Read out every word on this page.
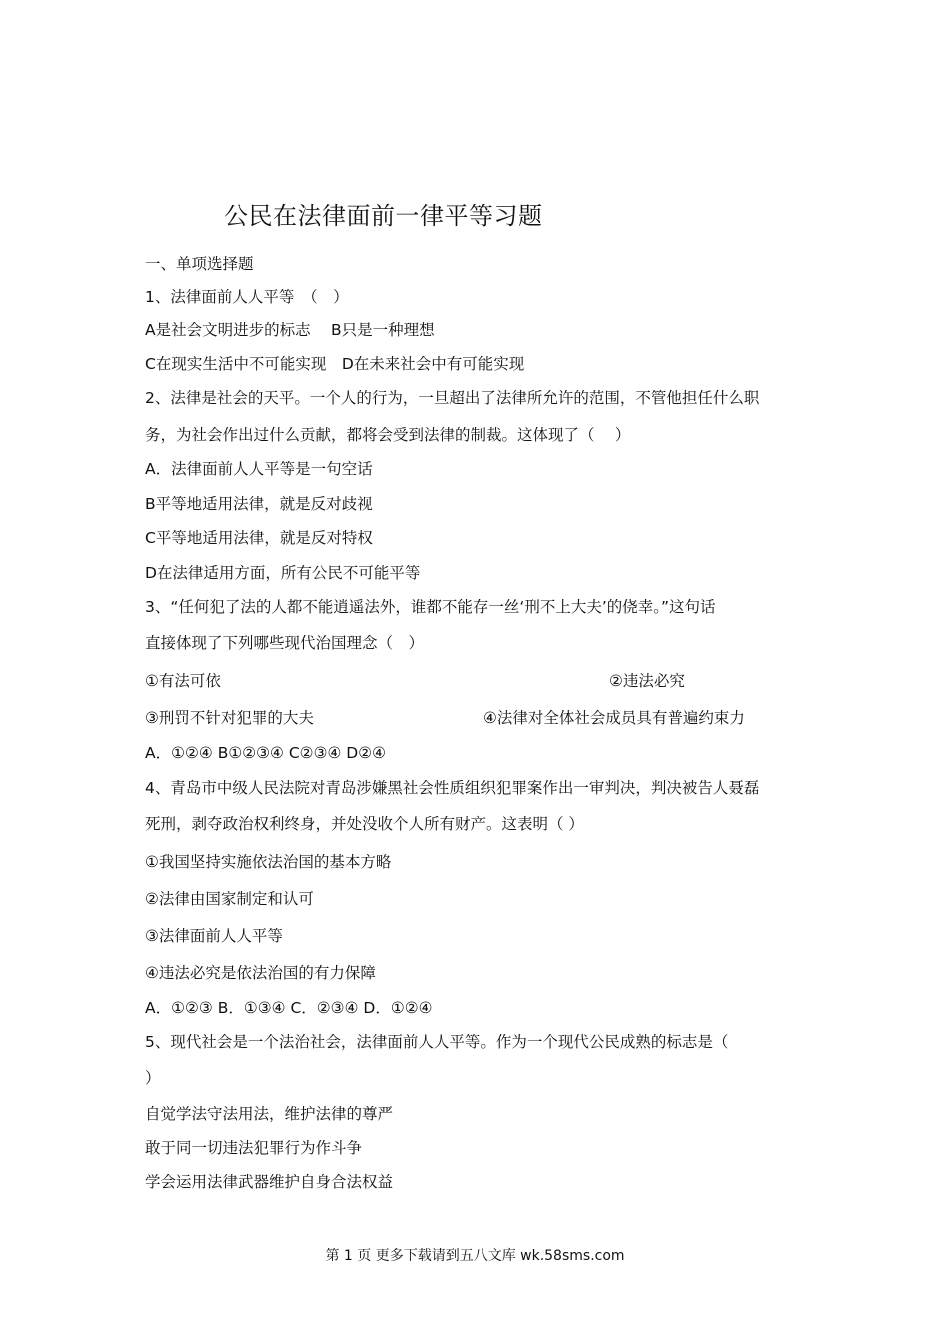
公民在法律面前一律平等习题
一、单项选择题
1、法律面前人人平等　（　）
A是社会文明进步的标志　 B只是一种理想
C在现实生活中不可能实现　D在未来社会中有可能实现
2、法律是社会的天平。一个人的行为，一旦超出了法律所允许的范围，不管他担任什么职
务，为社会作出过什么贡献，都将会受到法律的制裁。这体现了（　 ）
A．法律面前人人平等是一句空话
B平等地适用法律，就是反对歧视
C平等地适用法律，就是反对特权
D在法律适用方面，所有公民不可能平等
3、“任何犯了法的人都不能逍遥法外，谁都不能存一丝‘刑不上大夫’的侥幸。”这句话
直接体现了下列哪些现代治国理念（　）
①有法可依	②违法必究
③刑罚不针对犯罪的大夫	④法律对全体社会成员具有普遍约束力
A．①②④ B①②③④ C②③④ D②④
4、青岛市中级人民法院对青岛涉嫌黑社会性质组织犯罪案作出一审判决，判决被告人聂磊
死刑，剥夺政治权利终身，并处没收个人所有财产。这表明（ ）
①我国坚持实施依法治国的基本方略
②法律由国家制定和认可
③法律面前人人平等
④违法必究是依法治国的有力保障
A．①②③ B．①③④ C．②③④ D．①②④
5、现代社会是一个法治社会，法律面前人人平等。作为一个现代公民成熟的标志是（
）
自觉学法守法用法，维护法律的尊严
敢于同一切违法犯罪行为作斗争
学会运用法律武器维护自身合法权益
第 1 页 更多下载请到五八文库 wk.58sms.com
